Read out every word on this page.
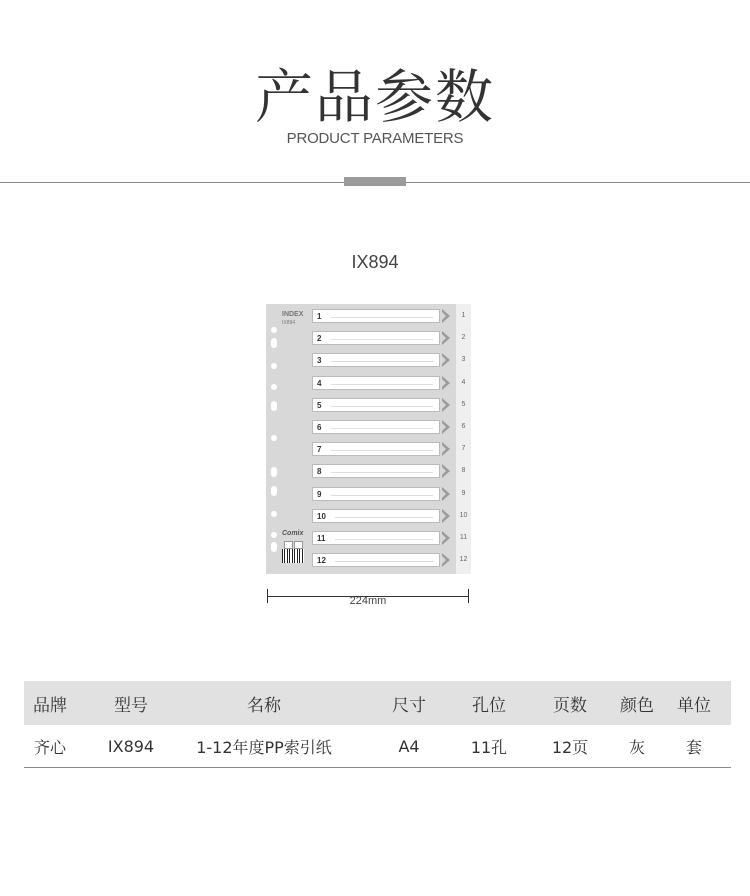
产品参数
PRODUCT PARAMETERS
IX894
INDEX
IX894
Comix
1	1
2	2
3	3
4	4
5	5
6	6
7	7
8	8
9	9
10	10
11	11
12	12
224mm
品牌	型号	名称	尺寸	孔位	页数	颜色	单位
齐心	IX894	1-12年度PP索引纸	A4	11孔	12页	灰	套
